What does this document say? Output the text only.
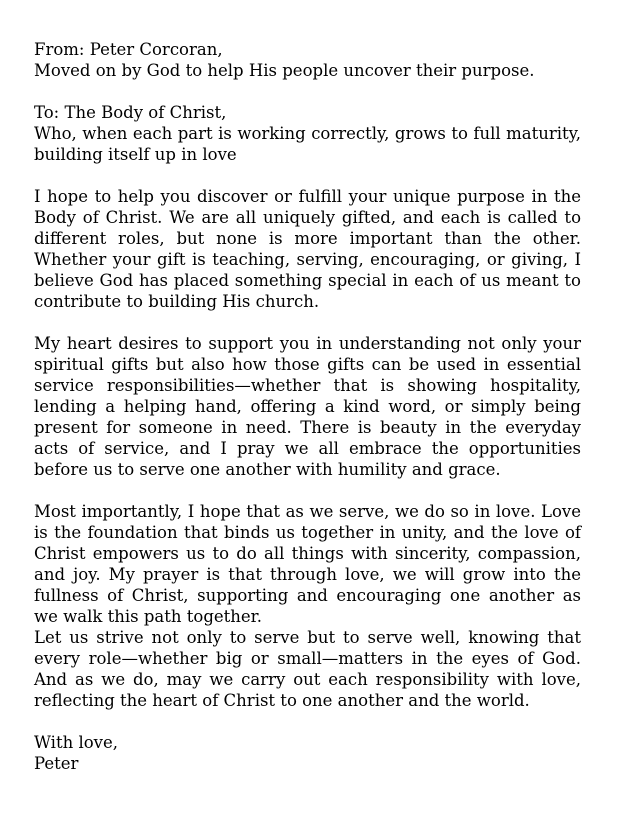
From: Peter Corcoran,
Moved on by God to help His people uncover their purpose.
To: The Body of Christ,
Who, when each part is working correctly, grows to full maturity, building itself up in love
I hope to help you discover or fulfill your unique purpose in the Body of Christ. We are all uniquely gifted, and each is called to different roles, but none is more important than the other. Whether your gift is teaching, serving, encouraging, or giving, I believe God has placed something special in each of us meant to contribute to building His church.
My heart desires to support you in understanding not only your spiritual gifts but also how those gifts can be used in essential service responsibilities—whether that is showing hospitality, lending a helping hand, offering a kind word, or simply being present for someone in need. There is beauty in the everyday acts of service, and I pray we all embrace the opportunities before us to serve one another with humility and grace.
Most importantly, I hope that as we serve, we do so in love. Love is the foundation that binds us together in unity, and the love of Christ empowers us to do all things with sincerity, compassion, and joy. My prayer is that through love, we will grow into the fullness of Christ, supporting and encouraging one another as we walk this path together.
Let us strive not only to serve but to serve well, knowing that every role—whether big or small—matters in the eyes of God. And as we do, may we carry out each responsibility with love, reflecting the heart of Christ to one another and the world.
With love,
Peter
